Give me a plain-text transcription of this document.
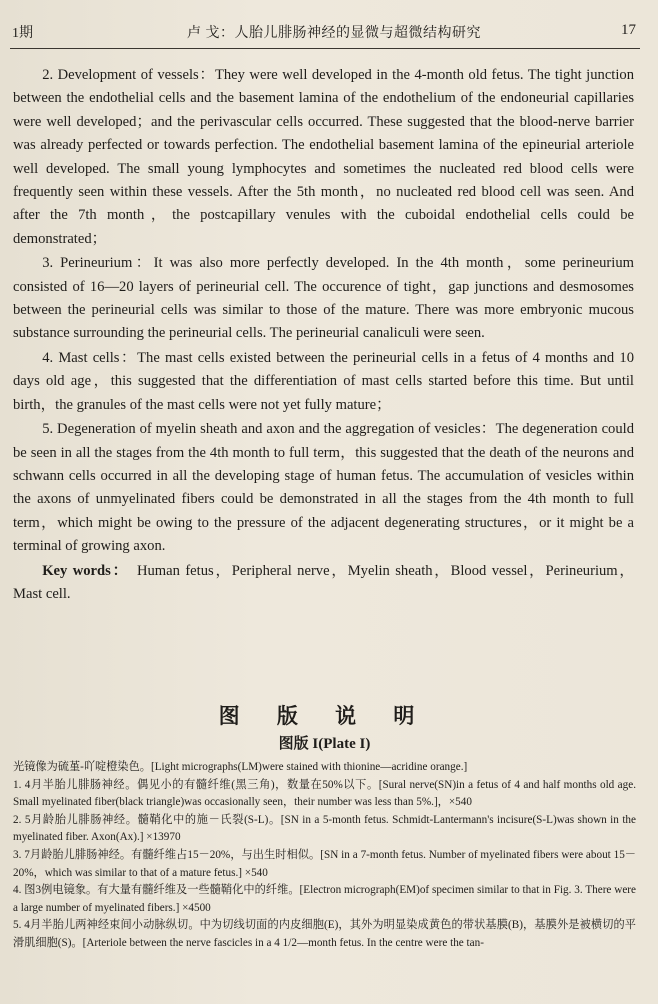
1期	卢 戈：人胎儿腓肠神经的显微与超微结构研究	17

2. Development of vessels：They were well developed in the 4-month old fetus. The tight junction between the endothelial cells and the basement lamina of the endothelium of the endoneurial capillaries were well developed；and the perivascular cells occurred. These suggested that the blood-nerve barrier was already perfected or towards perfection. The endothelial basement lamina of the epineurial arteriole well developed. The small young lymphocytes and sometimes the nucleated red blood cells were frequently seen within these vessels. After the 5th month，no nucleated red blood cell was seen. And after the 7th month，the postcapillary venules with the cuboidal endothelial cells could be demonstrated；

3. Perineurium：It was also more perfectly developed. In the 4th month，some perineurium consisted of 16—20 layers of perineurial cell. The occurence of tight，gap junctions and desmosomes between the perineurial cells was similar to those of the mature. There was more embryonic mucous substance surrounding the perineurial cells. The perineurial canaliculi were seen.

4. Mast cells：The mast cells existed between the perineurial cells in a fetus of 4 months and 10 days old age，this suggested that the differentiation of mast cells started before this time. But until birth，the granules of the mast cells were not yet fully mature；

5. Degeneration of myelin sheath and axon and the aggregation of vesicles：The degeneration could be seen in all the stages from the 4th month to full term，this suggested that the death of the neurons and schwann cells occurred in all the developing stage of human fetus. The accumulation of vesicles within the axons of unmyelinated fibers could be demonstrated in all the stages from the 4th month to full term，which might be owing to the pressure of the adjacent degenerating structures，or it might be a terminal of growing axon.

Key words： Human fetus，Peripheral nerve，Myelin sheath，Blood vessel，Perineurium，Mast cell.

图 版 说 明
图版 I(Plate I)

光镜像为硫堇-吖啶橙染色。[Light micrographs(LM)were stained with thionine—acridine orange.]

1. 4月半胎儿腓肠神经。偶见小的有髓纤维(黑三角)，数量在50%以下。[Sural nerve(SN)in a fetus of 4 and half months old age. Small myelinated fiber(black triangle)was occasionally seen，their number was less than 5%.]，×540

2. 5月龄胎儿腓肠神经。髓鞘化中的施－氏裂(S-L)。[SN in a 5-month fetus. Schmidt-Lantermann's incisure(S-L)was shown in the myelinated fiber. Axon(Ax).] ×13970

3. 7月龄胎儿腓肠神经。有髓纤维占15－20%，与出生时相似。[SN in a 7-month fetus. Number of myelinated fibers were about 15－20%，which was similar to that of a mature fetus.] ×540

4. 图3例电镜象。有大量有髓纤维及一些髓鞘化中的纤维。[Electron micrograph(EM)of specimen similar to that in Fig. 3. There were a large number of myelinated fibers.] ×4500

5. 4月半胎儿两神经束间小动脉纵切。中为切线切面的内皮细胞(E)，其外为明显染成黄色的带状基膜(B)，基膜外是被横切的平滑肌细胞(S)。[Arteriole between the nerve fascicles in a 4 1/2—month fetus. In the centre were the tan-
